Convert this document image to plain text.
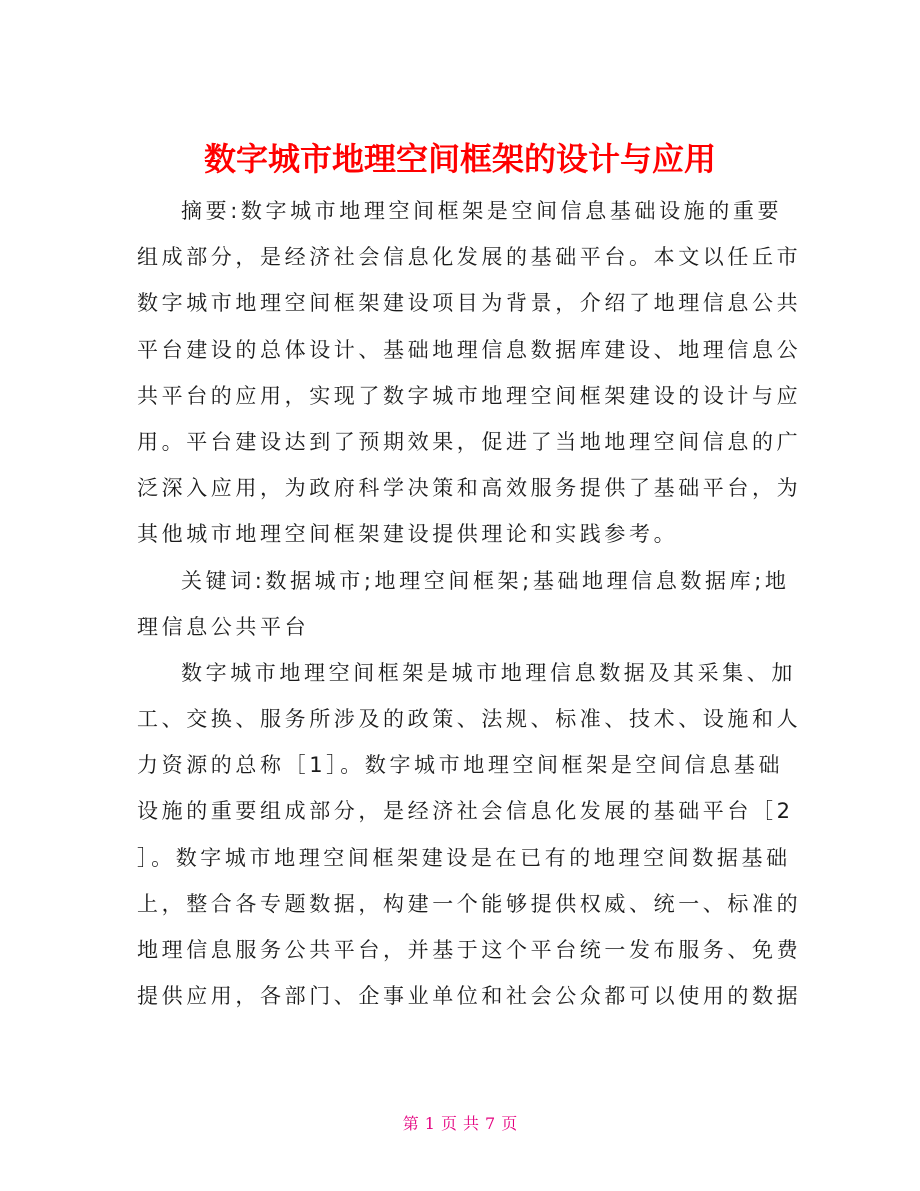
数字城市地理空间框架的设计与应用
摘要:数字城市地理空间框架是空间信息基础设施的重要
组成部分，是经济社会信息化发展的基础平台。本文以任丘市
数字城市地理空间框架建设项目为背景，介绍了地理信息公共
平台建设的总体设计、基础地理信息数据库建设、地理信息公
共平台的应用，实现了数字城市地理空间框架建设的设计与应
用。平台建设达到了预期效果，促进了当地地理空间信息的广
泛深入应用，为政府科学决策和高效服务提供了基础平台，为
其他城市地理空间框架建设提供理论和实践参考。
关键词:数据城市;地理空间框架;基础地理信息数据库;地
理信息公共平台
数字城市地理空间框架是城市地理信息数据及其采集、加
工、交换、服务所涉及的政策、法规、标准、技术、设施和人
力资源的总称［1］。数字城市地理空间框架是空间信息基础
设施的重要组成部分，是经济社会信息化发展的基础平台［2
］。数字城市地理空间框架建设是在已有的地理空间数据基础
上，整合各专题数据，构建一个能够提供权威、统一、标准的
地理信息服务公共平台，并基于这个平台统一发布服务、免费
提供应用，各部门、企事业单位和社会公众都可以使用的数据
第 1 页 共 7 页
